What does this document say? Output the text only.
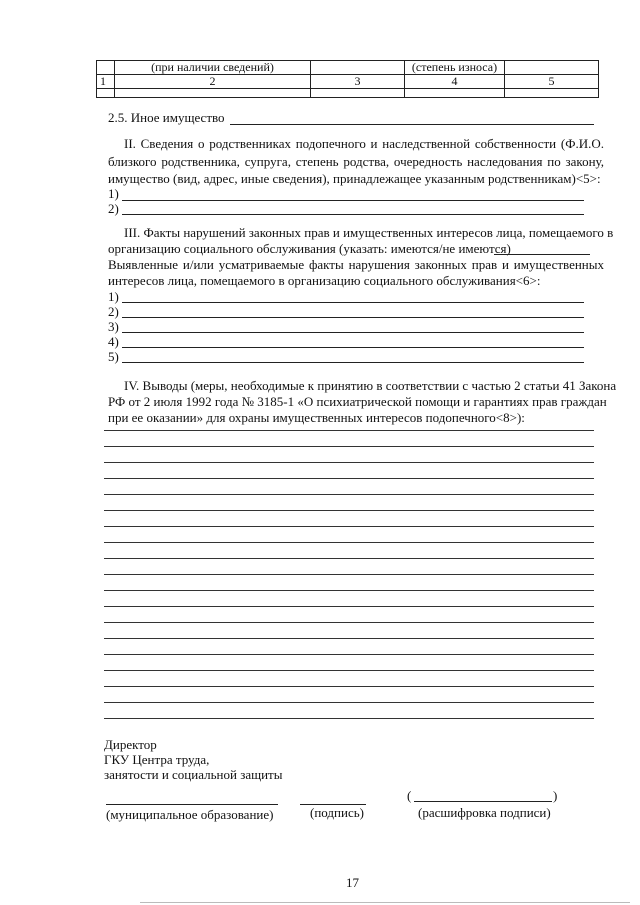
	(при наличии сведений)		(степень износа)	
1	2	3	4	5

2.5. Иное имущество
II. Сведения о родственниках подопечного и наследственной собственности (Ф.И.О.
близкого родственника, супруга, степень родства, очередность наследования по закону,
имущество (вид, адрес, иные сведения), принадлежащее указанным родственникам)<5>:
1)
2)
III. Факты нарушений законных прав и имущественных интересов лица, помещаемого в
организацию социального обслуживания (указать: имеются/не имеются)
Выявленные и/или усматриваемые факты нарушения законных прав и имущественных
интересов лица, помещаемого в организацию социального обслуживания<6>:
1)
2)
3)
4)
5)
IV. Выводы (меры, необходимые к принятию в соответствии с частью 2 статьи 41 Закона
РФ от 2 июля 1992 года № 3185-1 «О психиатрической помощи и гарантиях прав граждан
при ее оказании» для охраны имущественных интересов подопечного<8>):
Директор
ГКУ Центра труда,
занятости и социальной защиты
(	)
(муниципальное образование)	(подпись)	(расшифровка подписи)
17
